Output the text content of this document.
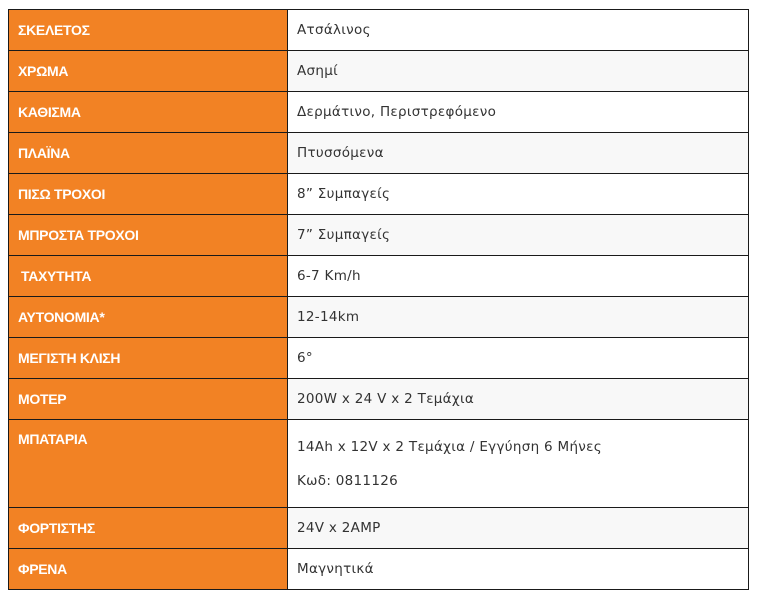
ΣΚΕΛΕΤΟΣ	Ατσάλινος
ΧΡΩΜΑ	Ασημί
ΚΑΘΙΣΜΑ	Δερμάτινο, Περιστρεφόμενο
ΠΛΑΪΝΑ	Πτυσσόμενα
ΠΙΣΩ ΤΡΟΧΟΙ	8” Συμπαγείς
ΜΠΡΟΣΤΑ ΤΡΟΧΟΙ	7” Συμπαγείς
ΤΑΧΥΤΗΤΑ	6-7 Km/h
ΑΥΤΟΝΟΜΙΑ*	12-14km
ΜΕΓΙΣΤΗ ΚΛΙΣΗ	6°
ΜΟΤΕΡ	200W x 24 V x 2 Τεμάχια
ΜΠΑΤΑΡΙΑ	14Ah x 12V x 2 Τεμάχια / Εγγύηση 6 Μήνες
Κωδ: 0811126

ΦΟΡΤΙΣΤΗΣ	24V x 2AMP
ΦΡΕΝΑ	Μαγνητικά
